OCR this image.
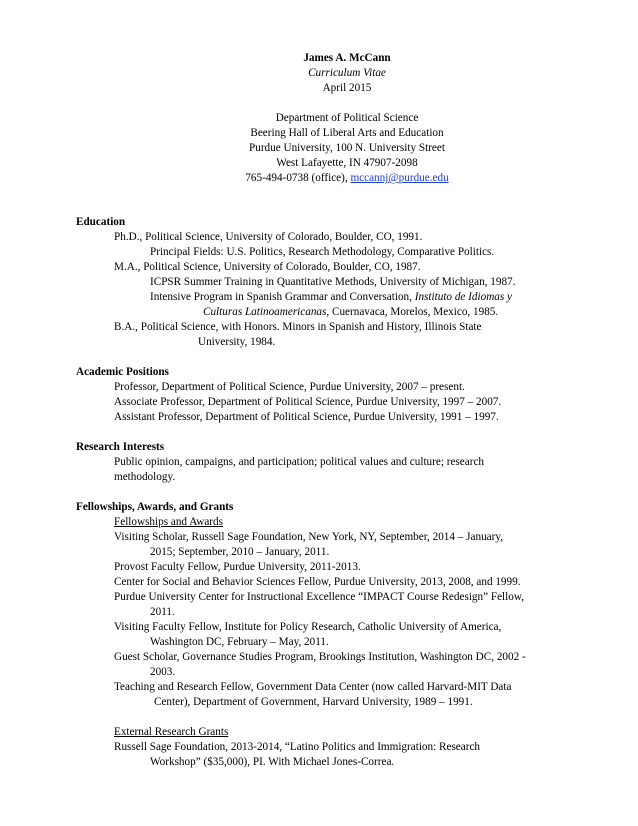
James A. McCann
Curriculum Vitae
April 2015
Department of Political Science
Beering Hall of Liberal Arts and Education
Purdue University, 100 N. University Street
West Lafayette, IN 47907-2098
765-494-0738 (office), mccannj@purdue.edu
Education
Ph.D., Political Science, University of Colorado, Boulder, CO, 1991.
Principal Fields: U.S. Politics, Research Methodology, Comparative Politics.
M.A., Political Science, University of Colorado, Boulder, CO, 1987.
ICPSR Summer Training in Quantitative Methods, University of Michigan, 1987.
Intensive Program in Spanish Grammar and Conversation, Instituto de Idiomas y
Culturas Latinoamericanas, Cuernavaca, Morelos, Mexico, 1985.
B.A., Political Science, with Honors. Minors in Spanish and History, Illinois State
University, 1984.
Academic Positions
Professor, Department of Political Science, Purdue University, 2007 – present.
Associate Professor, Department of Political Science, Purdue University, 1997 – 2007.
Assistant Professor, Department of Political Science, Purdue University, 1991 – 1997.
Research Interests
Public opinion, campaigns, and participation; political values and culture; research
methodology.
Fellowships, Awards, and Grants
Fellowships and Awards
Visiting Scholar, Russell Sage Foundation, New York, NY, September, 2014 – January,
2015; September, 2010 – January, 2011.
Provost Faculty Fellow, Purdue University, 2011-2013.
Center for Social and Behavior Sciences Fellow, Purdue University, 2013, 2008, and 1999.
Purdue University Center for Instructional Excellence “IMPACT Course Redesign” Fellow,
2011.
Visiting Faculty Fellow, Institute for Policy Research, Catholic University of America,
Washington DC, February – May, 2011.
Guest Scholar, Governance Studies Program, Brookings Institution, Washington DC, 2002 -
2003.
Teaching and Research Fellow, Government Data Center (now called Harvard-MIT Data
Center), Department of Government, Harvard University, 1989 – 1991.
External Research Grants
Russell Sage Foundation, 2013-2014, “Latino Politics and Immigration: Research
Workshop” ($35,000), PI. With Michael Jones-Correa.
